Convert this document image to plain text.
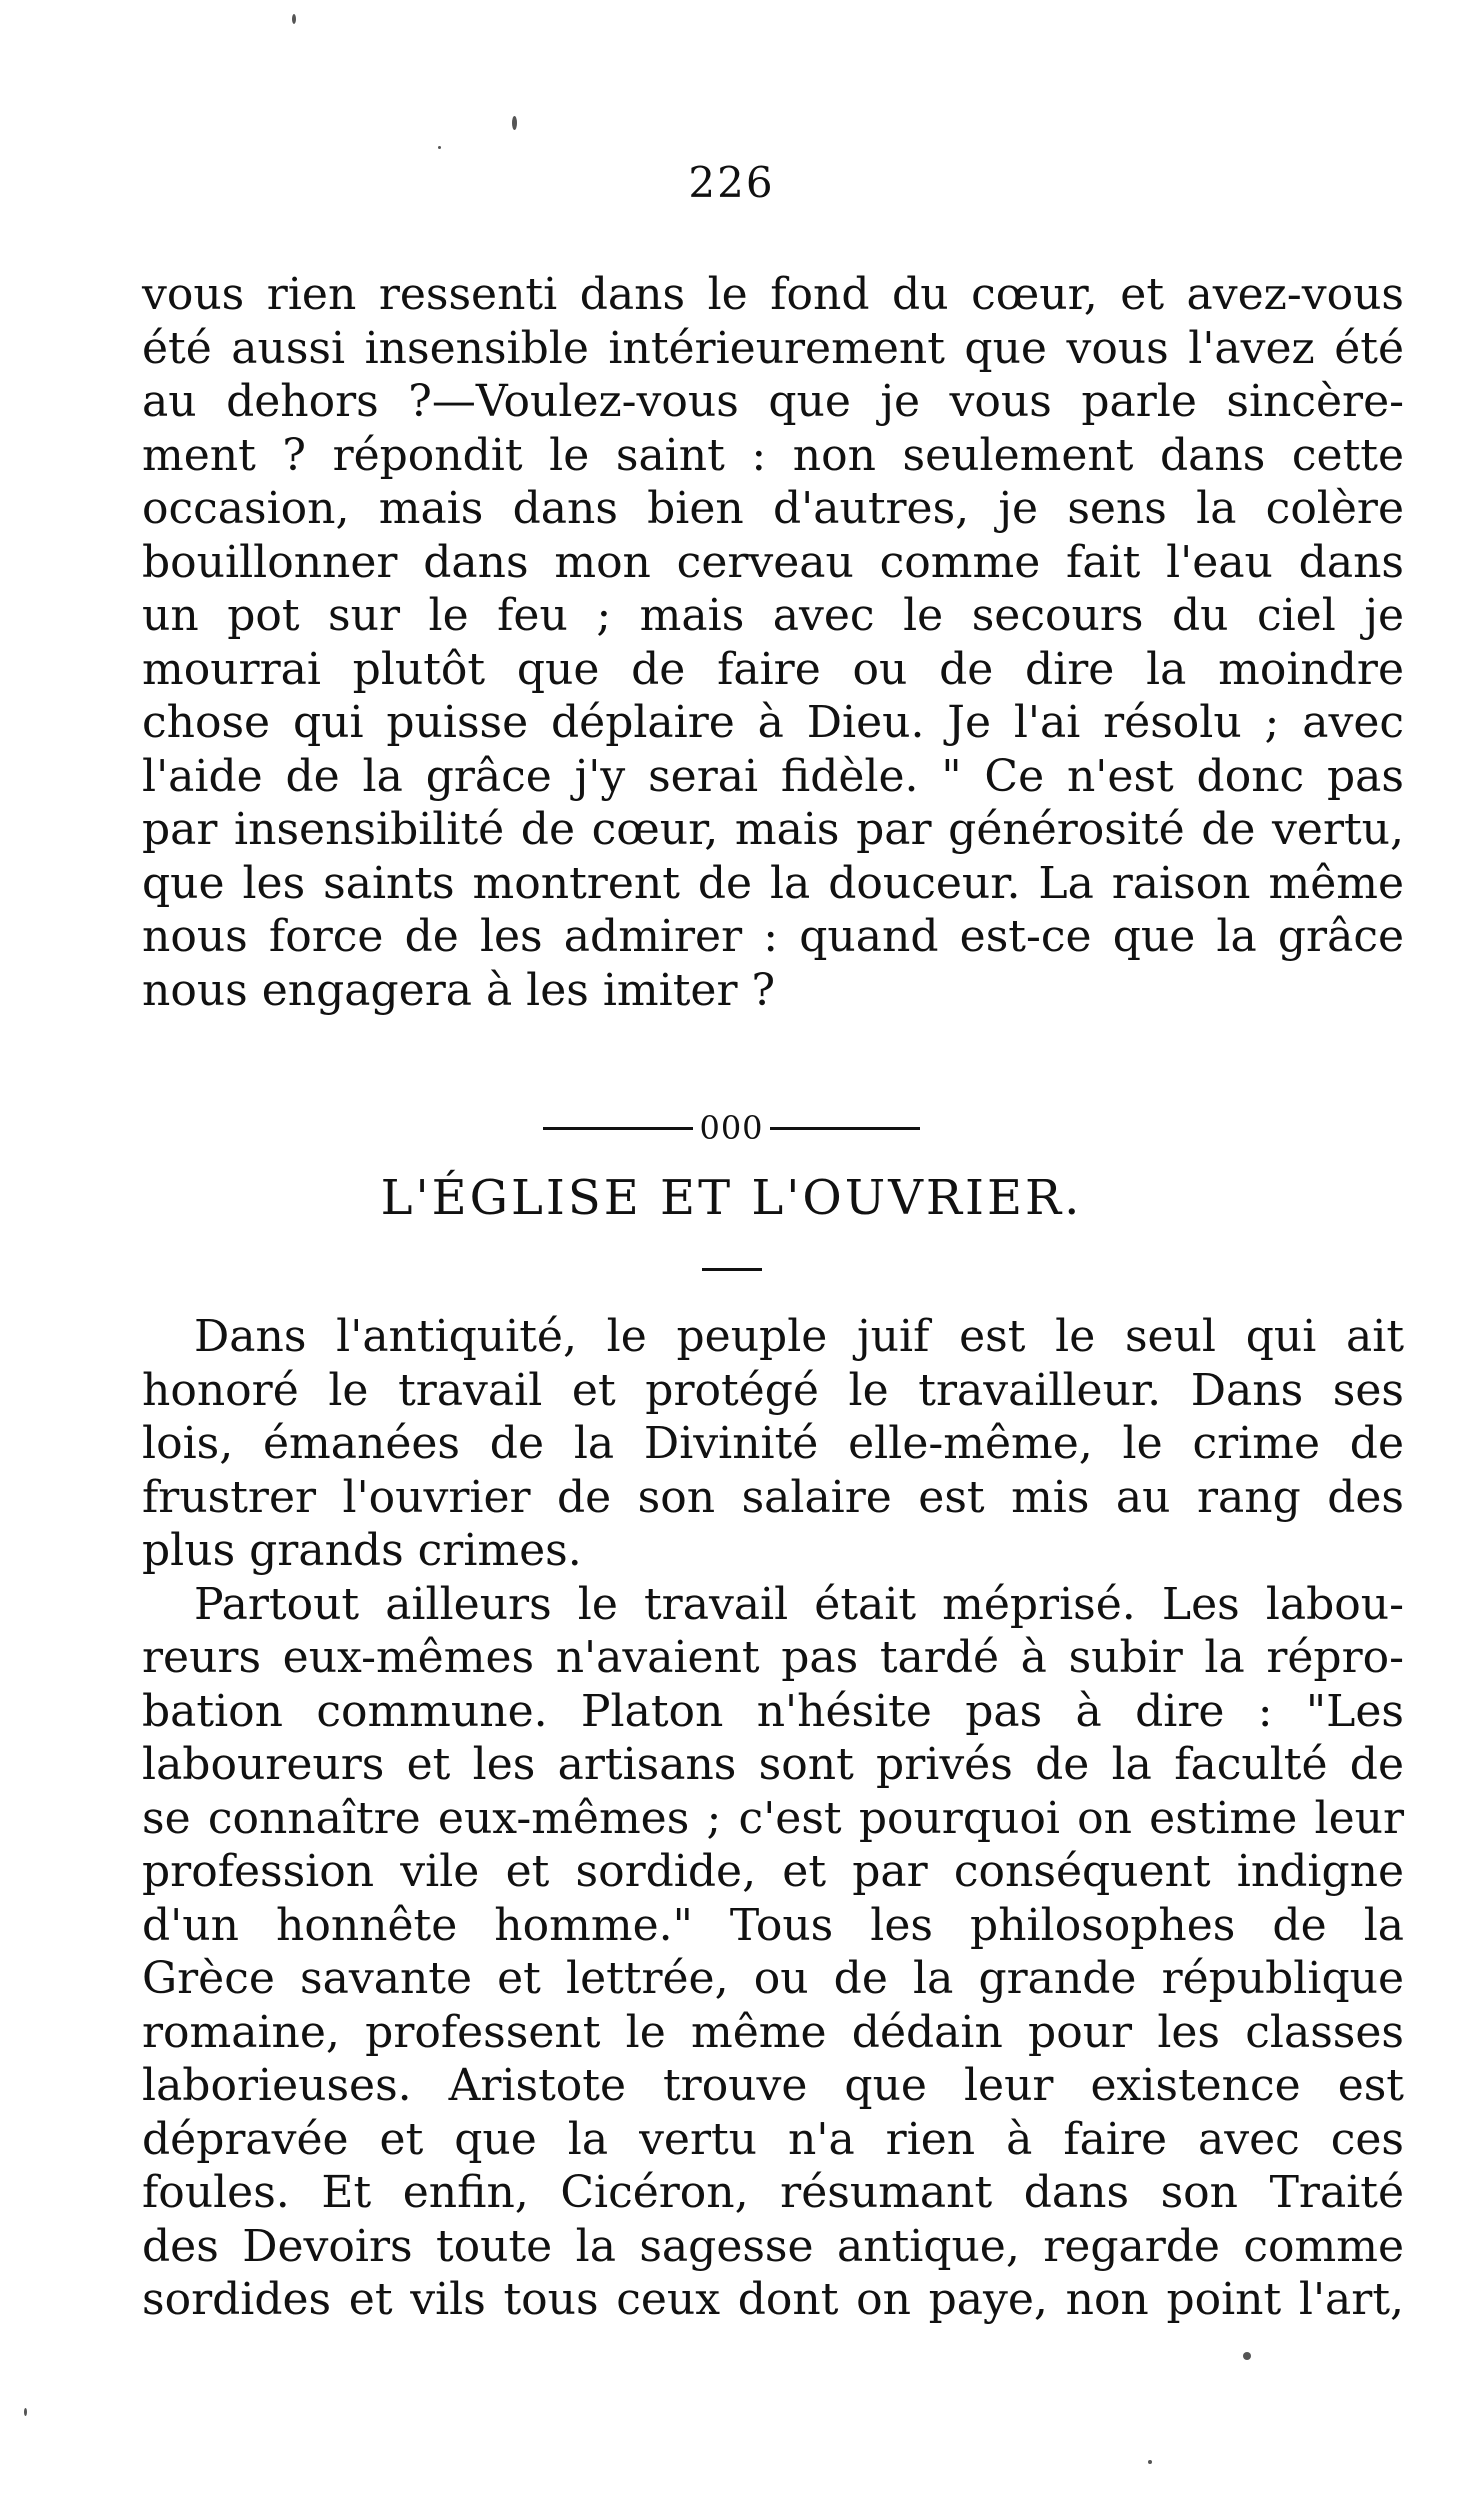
226
vous rien ressenti dans le fond du cœur, et avez-vous
été aussi insensible intérieurement que vous l'avez été
au dehors ?—Voulez-vous que je vous parle sincère-
ment ? répondit le saint : non seulement dans cette
occasion, mais dans bien d'autres, je sens la colère
bouillonner dans mon cerveau comme fait l'eau dans
un pot sur le feu ; mais avec le secours du ciel je
mourrai plutôt que de faire ou de dire la moindre
chose qui puisse déplaire à Dieu. Je l'ai résolu ; avec
l'aide de la grâce j'y serai fidèle. " Ce n'est donc pas
par insensibilité de cœur, mais par générosité de vertu,
que les saints montrent de la douceur. La raison même
nous force de les admirer : quand est-ce que la grâce
nous engagera à les imiter ?
000
L'ÉGLISE ET L'OUVRIER.
Dans l'antiquité, le peuple juif est le seul qui ait
honoré le travail et protégé le travailleur. Dans ses
lois, émanées de la Divinité elle-même, le crime de
frustrer l'ouvrier de son salaire est mis au rang des
plus grands crimes.
Partout ailleurs le travail était méprisé. Les labou-
reurs eux-mêmes n'avaient pas tardé à subir la répro-
bation commune. Platon n'hésite pas à dire : "Les
laboureurs et les artisans sont privés de la faculté de
se connaître eux-mêmes ; c'est pourquoi on estime leur
profession vile et sordide, et par conséquent indigne
d'un honnête homme." Tous les philosophes de la
Grèce savante et lettrée, ou de la grande république
romaine, professent le même dédain pour les classes
laborieuses. Aristote trouve que leur existence est
dépravée et que la vertu n'a rien à faire avec ces
foules. Et enfin, Cicéron, résumant dans son Traité
des Devoirs toute la sagesse antique, regarde comme
sordides et vils tous ceux dont on paye, non point l'art,
